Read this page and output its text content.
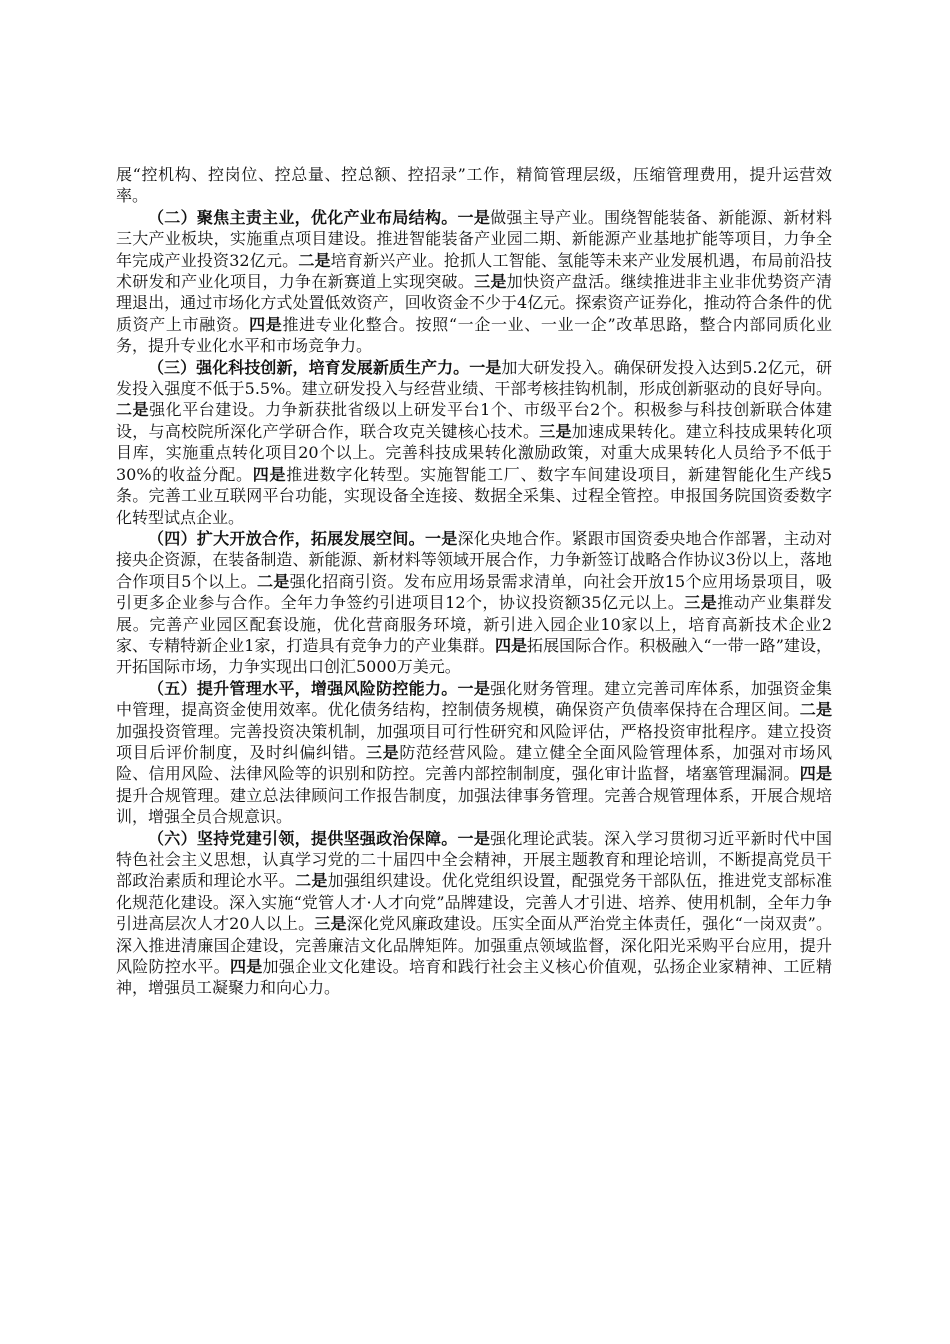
展“控机构、控岗位、控总量、控总额、控招录”工作，精简管理层级，压缩管理费用，提升运营效率。

（二）聚焦主责主业，优化产业布局结构。一是做强主导产业。围绕智能装备、新能源、新材料三大产业板块，实施重点项目建设。推进智能装备产业园二期、新能源产业基地扩能等项目，力争全年完成产业投资32亿元。二是培育新兴产业。抢抓人工智能、氢能等未来产业发展机遇，布局前沿技术研发和产业化项目，力争在新赛道上实现突破。三是加快资产盘活。继续推进非主业非优势资产清理退出，通过市场化方式处置低效资产，回收资金不少于4亿元。探索资产证券化，推动符合条件的优质资产上市融资。四是推进专业化整合。按照“一企一业、一业一企”改革思路，整合内部同质化业务，提升专业化水平和市场竞争力。

（三）强化科技创新，培育发展新质生产力。一是加大研发投入。确保研发投入达到5.2亿元，研发投入强度不低于5.5%。建立研发投入与经营业绩、干部考核挂钩机制，形成创新驱动的良好导向。二是强化平台建设。力争新获批省级以上研发平台1个、市级平台2个。积极参与科技创新联合体建设，与高校院所深化产学研合作，联合攻克关键核心技术。三是加速成果转化。建立科技成果转化项目库，实施重点转化项目20个以上。完善科技成果转化激励政策，对重大成果转化人员给予不低于30%的收益分配。四是推进数字化转型。实施智能工厂、数字车间建设项目，新建智能化生产线5条。完善工业互联网平台功能，实现设备全连接、数据全采集、过程全管控。申报国务院国资委数字化转型试点企业。

（四）扩大开放合作，拓展发展空间。一是深化央地合作。紧跟市国资委央地合作部署，主动对接央企资源，在装备制造、新能源、新材料等领域开展合作，力争新签订战略合作协议3份以上，落地合作项目5个以上。二是强化招商引资。发布应用场景需求清单，向社会开放15个应用场景项目，吸引更多企业参与合作。全年力争签约引进项目12个，协议投资额35亿元以上。三是推动产业集群发展。完善产业园区配套设施，优化营商服务环境，新引进入园企业10家以上，培育高新技术企业2家、专精特新企业1家，打造具有竞争力的产业集群。四是拓展国际合作。积极融入“一带一路”建设，开拓国际市场，力争实现出口创汇5000万美元。

（五）提升管理水平，增强风险防控能力。一是强化财务管理。建立完善司库体系，加强资金集中管理，提高资金使用效率。优化债务结构，控制债务规模，确保资产负债率保持在合理区间。二是加强投资管理。完善投资决策机制，加强项目可行性研究和风险评估，严格投资审批程序。建立投资项目后评价制度，及时纠偏纠错。三是防范经营风险。建立健全全面风险管理体系，加强对市场风险、信用风险、法律风险等的识别和防控。完善内部控制制度，强化审计监督，堵塞管理漏洞。四是提升合规管理。建立总法律顾问工作报告制度，加强法律事务管理。完善合规管理体系，开展合规培训，增强全员合规意识。

（六）坚持党建引领，提供坚强政治保障。一是强化理论武装。深入学习贯彻习近平新时代中国特色社会主义思想，认真学习党的二十届四中全会精神，开展主题教育和理论培训，不断提高党员干部政治素质和理论水平。二是加强组织建设。优化党组织设置，配强党务干部队伍，推进党支部标准化规范化建设。深入实施“党管人才·人才向党”品牌建设，完善人才引进、培养、使用机制，全年力争引进高层次人才20人以上。三是深化党风廉政建设。压实全面从严治党主体责任，强化“一岗双责”。深入推进清廉国企建设，完善廉洁文化品牌矩阵。加强重点领域监督，深化阳光采购平台应用，提升风险防控水平。四是加强企业文化建设。培育和践行社会主义核心价值观，弘扬企业家精神、工匠精神，增强员工凝聚力和向心力。
